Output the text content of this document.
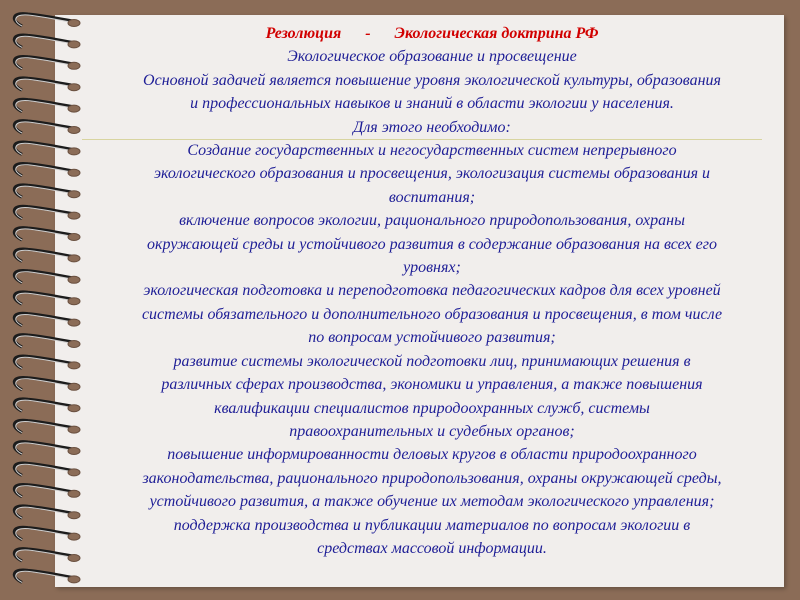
Резолюция      -      Экологическая доктрина РФ
Экологическое образование и просвещение
Основной задачей является повышение уровня экологической культуры, образования
и профессиональных навыков и знаний в области экологии у населения.
Для этого необходимо:
Создание государственных и негосударственных систем непрерывного
экологического образования и просвещения, экологизация системы образования и
воспитания;
включение вопросов экологии, рационального природопользования, охраны
окружающей среды и устойчивого развития в содержание образования на всех его
уровнях;
экологическая подготовка и переподготовка педагогических кадров для всех уровней
системы обязательного и дополнительного образования и просвещения, в том числе
по вопросам устойчивого развития;
развитие системы экологической подготовки лиц, принимающих решения в
различных сферах производства, экономики и управления, а также повышения
квалификации специалистов природоохранных служб, системы
правоохранительных и судебных органов;
повышение информированности деловых кругов в области природоохранного
законодательства, рационального природопользования, охраны окружающей среды,
устойчивого развития, а также обучение их методам экологического управления;
поддержка производства и публикации материалов по вопросам экологии в
средствах массовой информации.
